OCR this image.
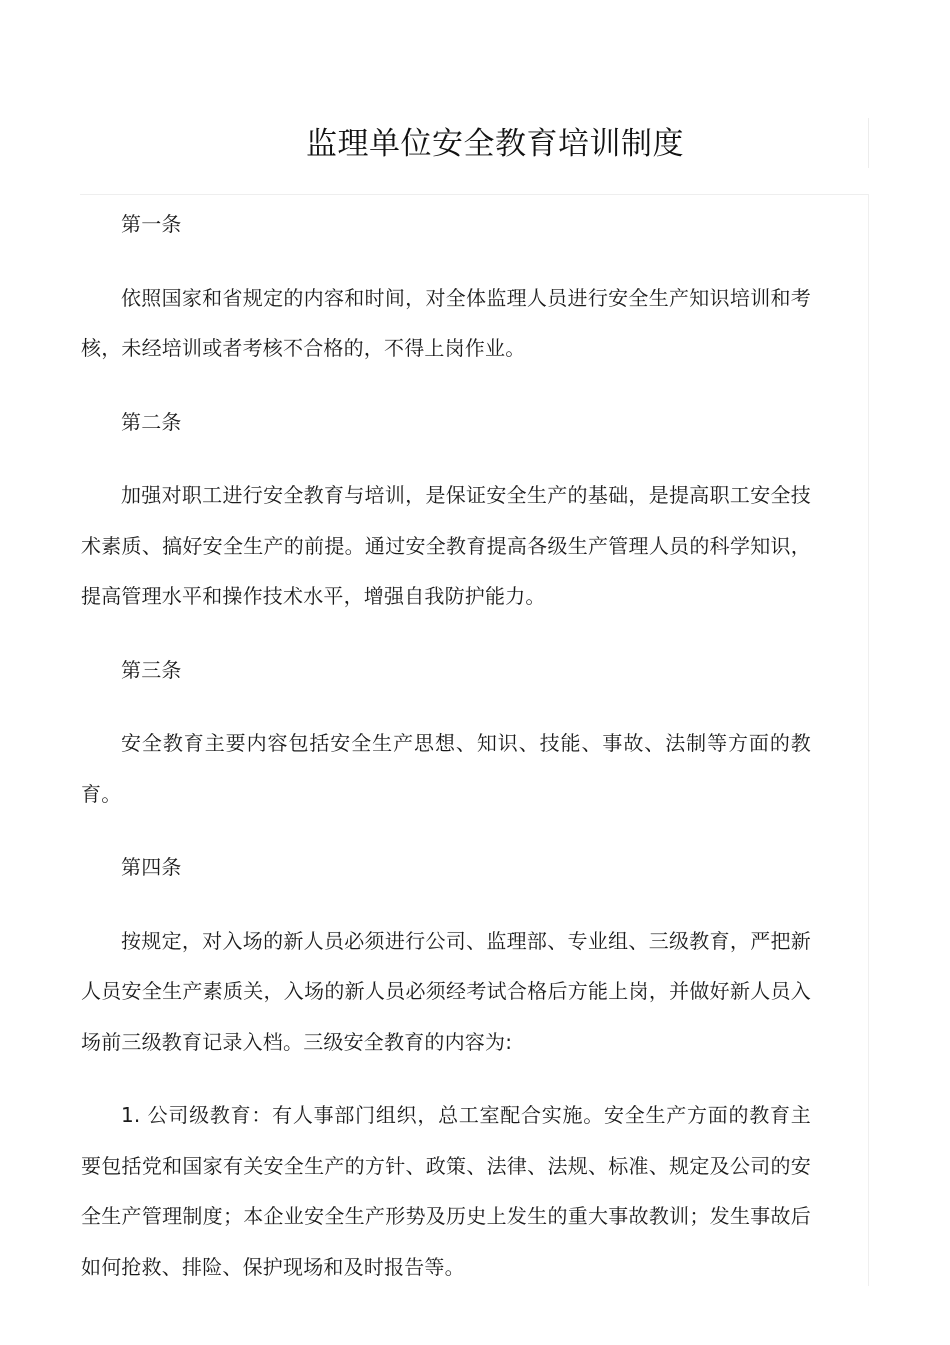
监理单位安全教育培训制度

第一条

依照国家和省规定的内容和时间，对全体监理人员进行安全生产知识培训和考核，未经培训或者考核不合格的，不得上岗作业。

第二条

加强对职工进行安全教育与培训，是保证安全生产的基础，是提高职工安全技术素质、搞好安全生产的前提。通过安全教育提高各级生产管理人员的科学知识，提高管理水平和操作技术水平，增强自我防护能力。

第三条

安全教育主要内容包括安全生产思想、知识、技能、事故、法制等方面的教育。

第四条

按规定，对入场的新人员必须进行公司、监理部、专业组、三级教育，严把新人员安全生产素质关，入场的新人员必须经考试合格后方能上岗，并做好新人员入场前三级教育记录入档。三级安全教育的内容为:

1. 公司级教育：有人事部门组织，总工室配合实施。安全生产方面的教育主要包括党和国家有关安全生产的方针、政策、法律、法规、标准、规定及公司的安全生产管理制度；本企业安全生产形势及历史上发生的重大事故教训；发生事故后如何抢救、排险、保护现场和及时报告等。
